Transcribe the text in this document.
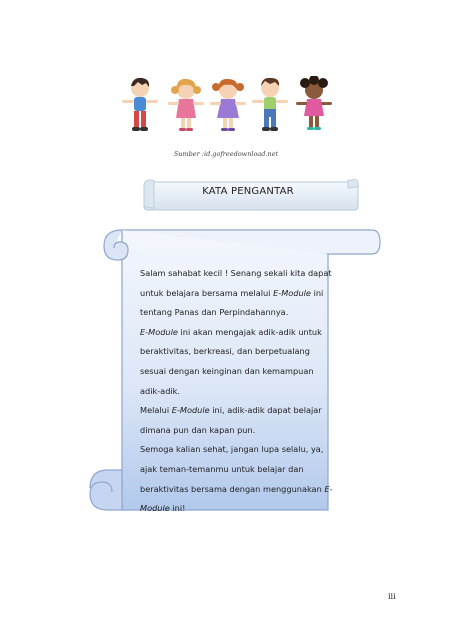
Sumber :id.gofreedownload.net
KATA PENGANTAR

Salam sahabat kecil ! Senang sekali kita dapat untuk belajara bersama melalui E-Module ini tentang Panas dan Perpindahannya.

E-Module ini akan mengajak adik-adik untuk beraktivitas, berkreasi, dan berpetualang sesuai dengan keinginan dan kemampuan adik-adik.

Melalui E-Module ini, adik-adik dapat belajar dimana pun dan kapan pun.

Semoga kalian sehat, jangan lupa selalu, ya, ajak teman-temanmu untuk belajar dan beraktivitas bersama dengan menggunakan E-Module ini!

iii
